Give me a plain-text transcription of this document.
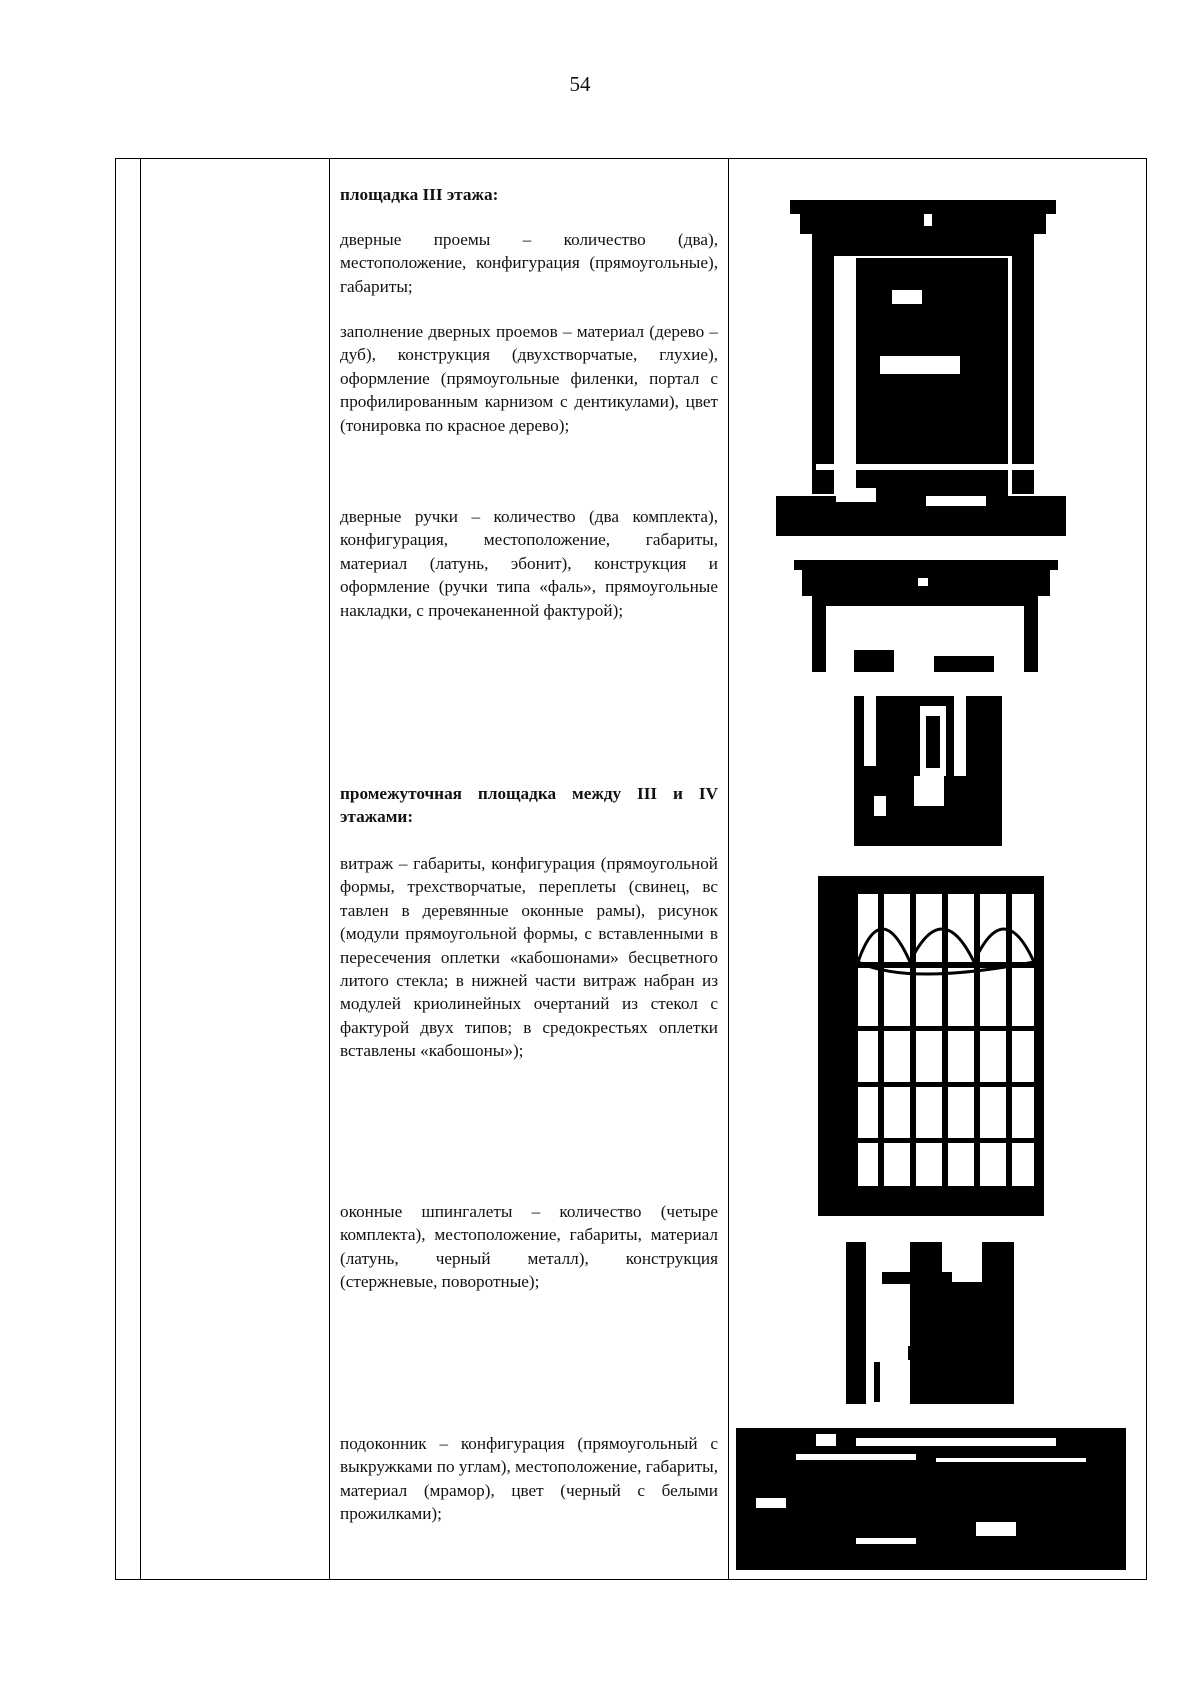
54

площадка III этажа:

дверные проемы – количество (два), местоположение, конфигурация (прямоугольные), габариты;

заполнение дверных проемов – материал (дерево – дуб), конструкция (двухстворчатые, глухие), оформление (прямоугольные филенки, портал с профилированным карнизом с дентикулами), цвет (тонировка по красное дерево);

дверные ручки – количество (два комплекта), конфигурация, местоположение, габариты, материал (латунь, эбонит), конструкция и оформление (ручки типа «фаль», прямоугольные накладки, с прочеканенной фактурой);

промежуточная площадка между III и IV этажами:

витраж – габариты, конфигурация (прямоугольной формы, трехстворчатые, переплеты (свинец, вс тавлен в деревянные оконные рамы), рисунок (модули прямоугольной формы, с вставленными в пересечения оплетки «кабошонами» бесцветного литого стекла; в нижней части витраж набран из модулей криолинейных очертаний из стекол с фактурой двух типов; в средокрестьях оплетки вставлены «кабошоны»);

оконные шпингалеты – количество (четыре комплекта), местоположение, габариты, материал (латунь, черный металл), конструкция (стержневые, поворотные);

подоконник – конфигурация (прямоугольный с выкружками по углам), местоположение, габариты, материал (мрамор), цвет (черный с белыми прожилками);
